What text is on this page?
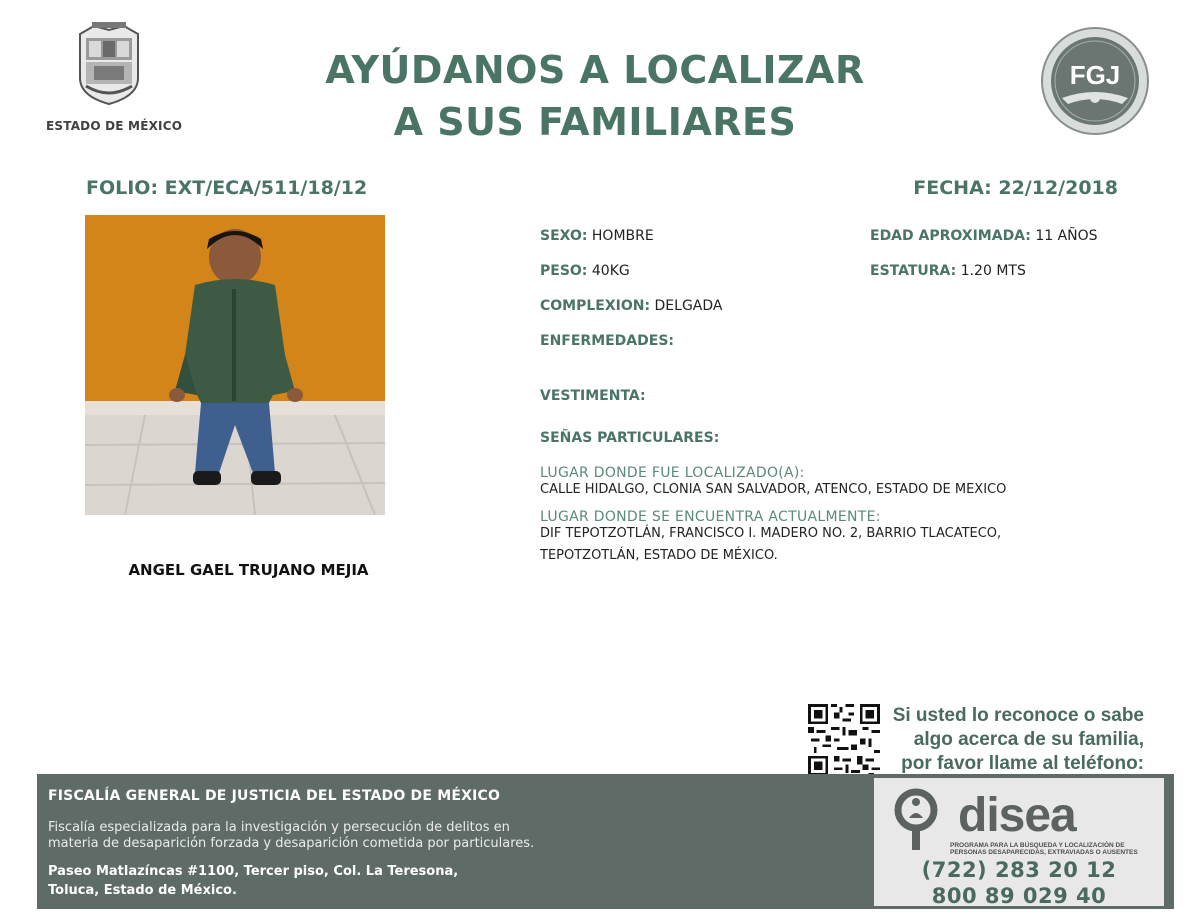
ESTADO DE MÉXICO
AYÚDANOS A LOCALIZAR
A SUS FAMILIARES
FGJ
FOLIO: EXT/ECA/511/18/12	FECHA: 22/12/2018
ANGEL GAEL TRUJANO MEJIA
SEXO: HOMBRE	EDAD APROXIMADA: 11 AÑOS
PESO: 40KG	ESTATURA: 1.20 MTS
COMPLEXION: DELGADA
ENFERMEDADES:
VESTIMENTA:
SEÑAS PARTICULARES:
LUGAR DONDE FUE LOCALIZADO(A):
CALLE HIDALGO, CLONIA SAN SALVADOR, ATENCO, ESTADO DE MEXICO
LUGAR DONDE SE ENCUENTRA ACTUALMENTE:
DIF TEPOTZOTLÁN, FRANCISCO I. MADERO NO. 2, BARRIO TLACATECO,
TEPOTZOTLÁN, ESTADO DE MÉXICO.
Si usted lo reconoce o sabe
algo acerca de su familia,
por favor llame al teléfono:
FISCALÍA GENERAL DE JUSTICIA DEL ESTADO DE MÉXICO
Fiscalía especializada para la investigación y persecución de delitos en
materia de desaparición forzada y desaparición cometida por particulares.
Paseo Matlazíncas #1100, Tercer piso, Col. La Teresona,
Toluca, Estado de México.
disea
PROGRAMA PARA LA BÚSQUEDA Y LOCALIZACIÓN DE PERSONAS DESAPARECIDAS, EXTRAVIADAS O AUSENTES
(722) 283 20 12
800 89 029 40
